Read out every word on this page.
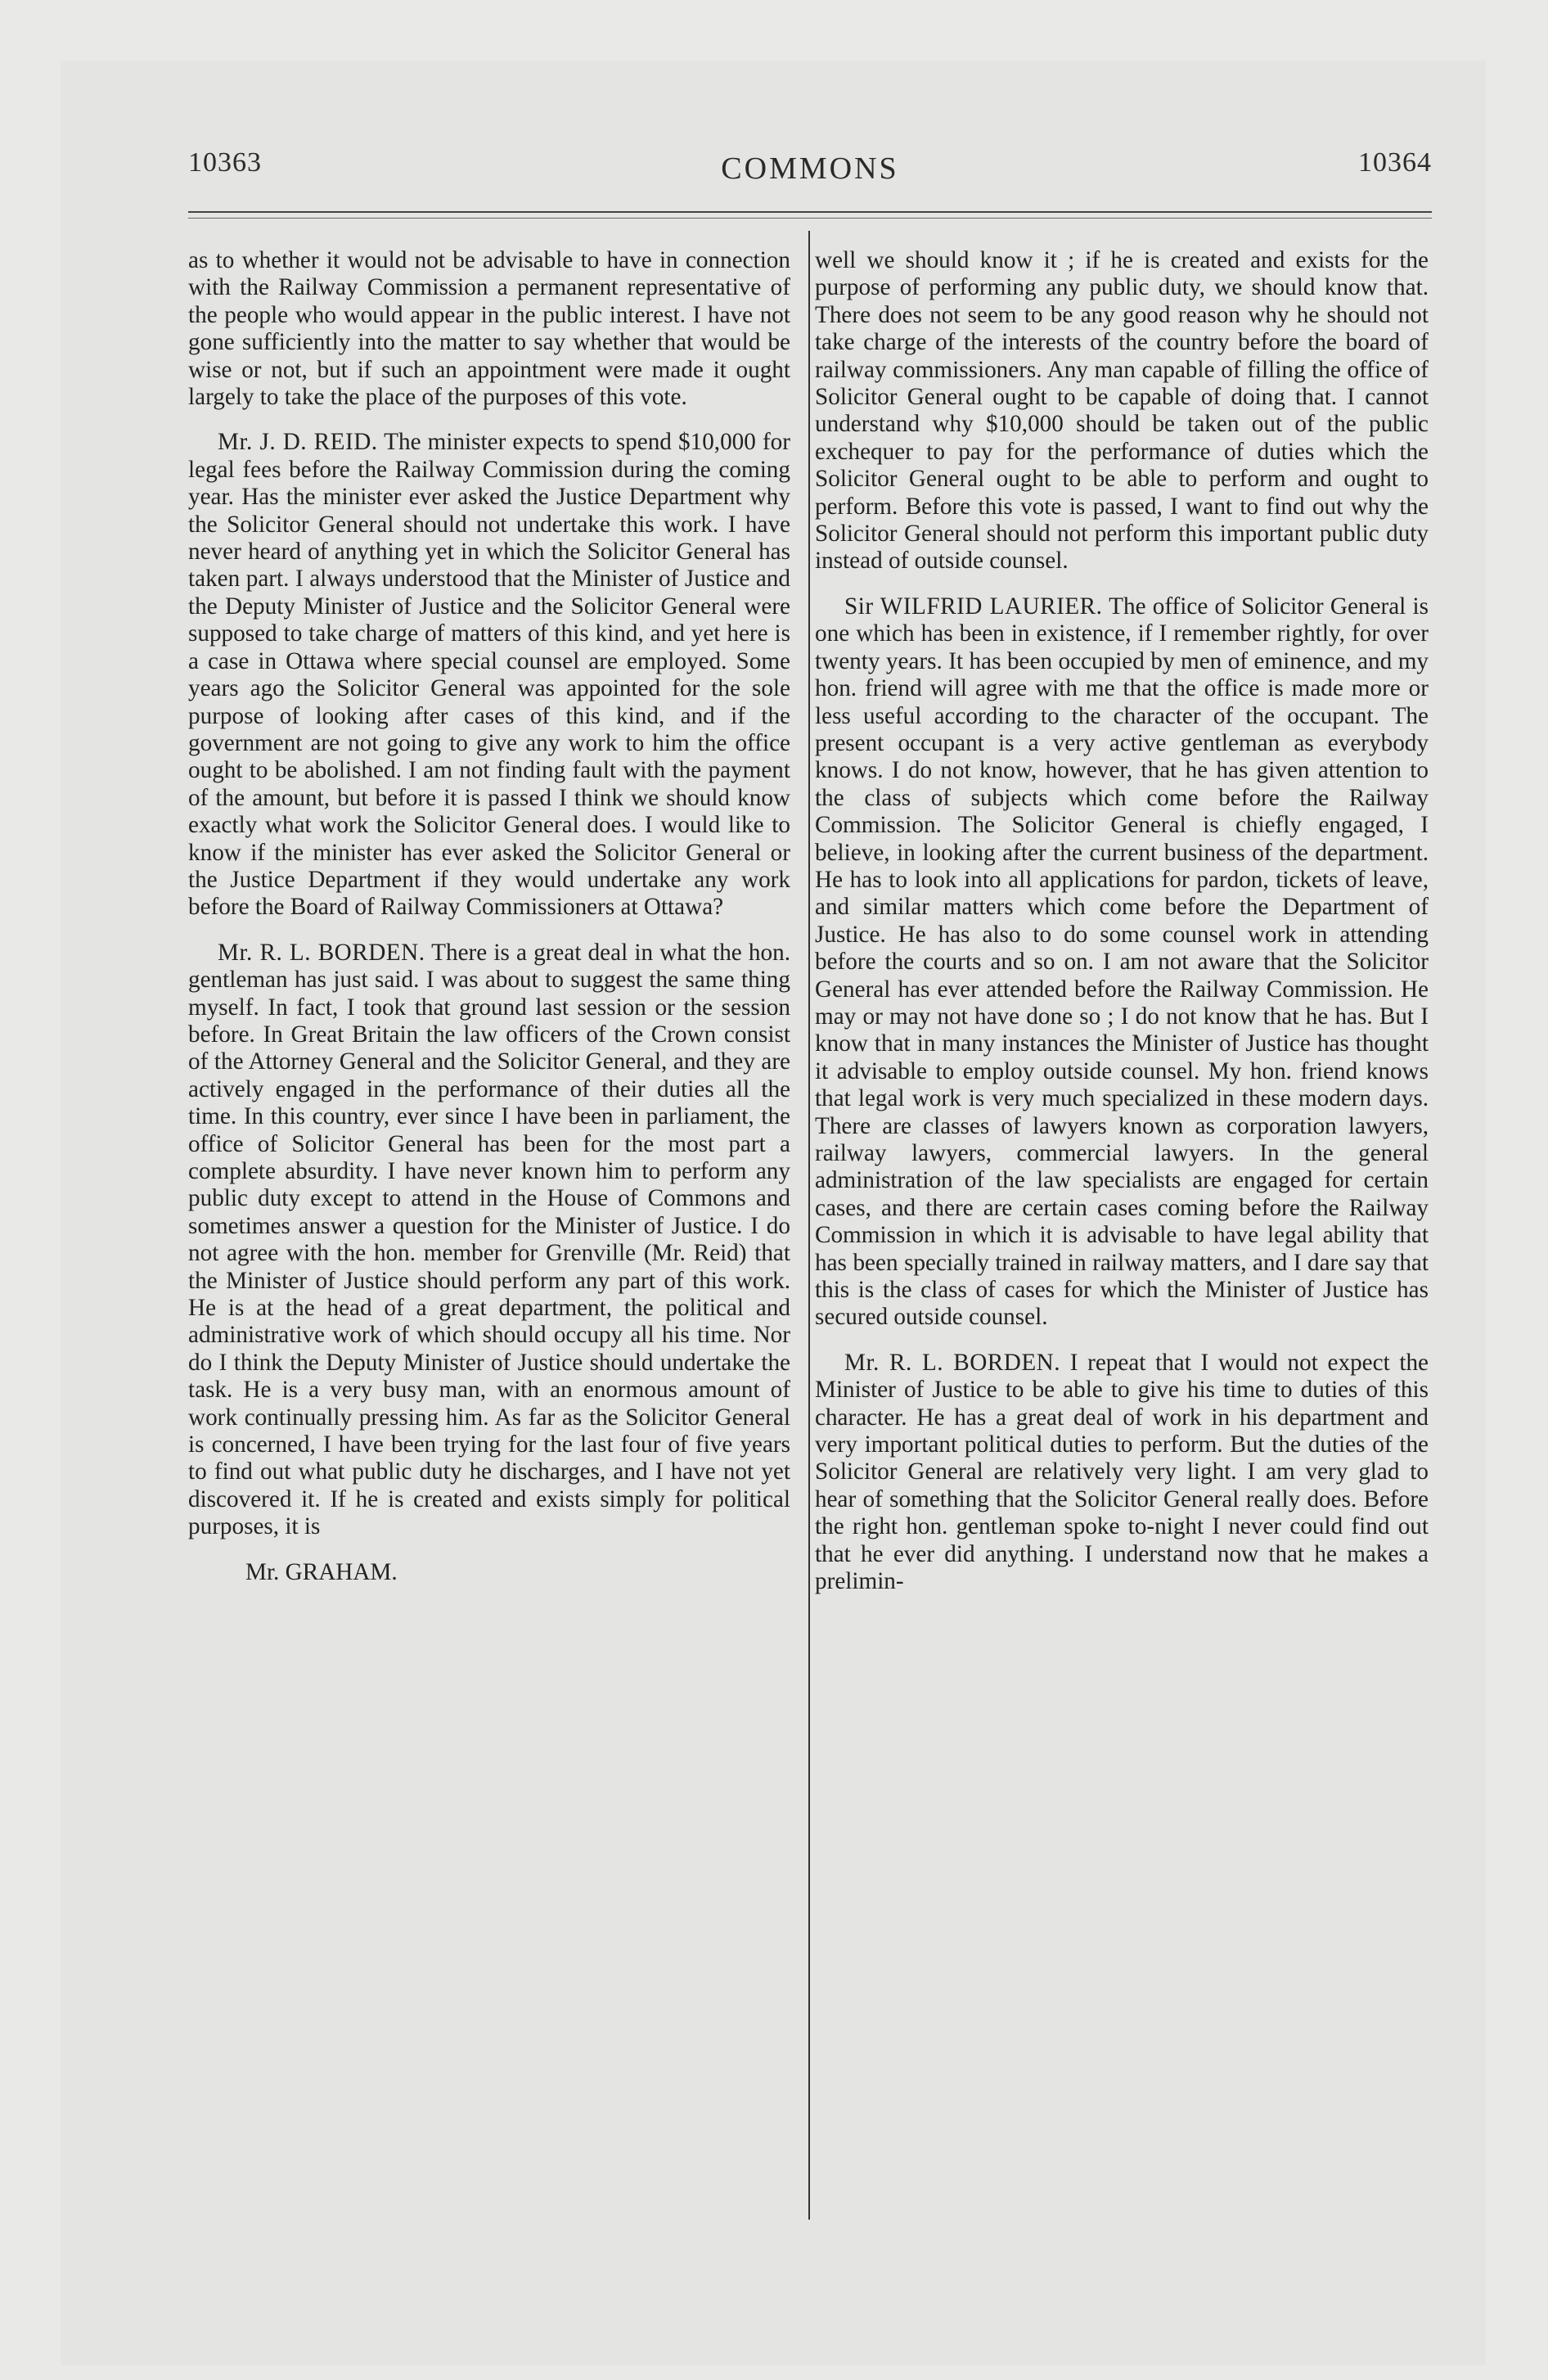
10363	COMMONS	10364

as to whether it would not be advisable to have in connection with the Railway Commission a permanent representative of the people who would appear in the public interest. I have not gone sufficiently into the matter to say whether that would be wise or not, but if such an appointment were made it ought largely to take the place of the purposes of this vote.

Mr. J. D. REID. The minister expects to spend $10,000 for legal fees before the Railway Commission during the coming year. Has the minister ever asked the Justice Department why the Solicitor General should not undertake this work. I have never heard of anything yet in which the Solicitor General has taken part. I always understood that the Minister of Justice and the Deputy Minister of Justice and the Solicitor General were supposed to take charge of matters of this kind, and yet here is a case in Ottawa where special counsel are employed. Some years ago the Solicitor General was appointed for the sole purpose of looking after cases of this kind, and if the government are not going to give any work to him the office ought to be abolished. I am not finding fault with the payment of the amount, but before it is passed I think we should know exactly what work the Solicitor General does. I would like to know if the minister has ever asked the Solicitor General or the Justice Department if they would undertake any work before the Board of Railway Commissioners at Ottawa?

Mr. R. L. BORDEN. There is a great deal in what the hon. gentleman has just said. I was about to suggest the same thing myself. In fact, I took that ground last session or the session before. In Great Britain the law officers of the Crown consist of the Attorney General and the Solicitor General, and they are actively engaged in the performance of their duties all the time. In this country, ever since I have been in parliament, the office of Solicitor General has been for the most part a complete absurdity. I have never known him to perform any public duty except to attend in the House of Commons and sometimes answer a question for the Minister of Justice. I do not agree with the hon. member for Grenville (Mr. Reid) that the Minister of Justice should perform any part of this work. He is at the head of a great department, the political and administrative work of which should occupy all his time. Nor do I think the Deputy Minister of Justice should undertake the task. He is a very busy man, with an enormous amount of work continually pressing him. As far as the Solicitor General is concerned, I have been trying for the last four of five years to find out what public duty he discharges, and I have not yet discovered it. If he is created and exists simply for political purposes, it is

Mr. GRAHAM.

well we should know it ; if he is created and exists for the purpose of performing any public duty, we should know that. There does not seem to be any good reason why he should not take charge of the interests of the country before the board of railway commissioners. Any man capable of filling the office of Solicitor General ought to be capable of doing that. I cannot understand why $10,000 should be taken out of the public exchequer to pay for the performance of duties which the Solicitor General ought to be able to perform and ought to perform. Before this vote is passed, I want to find out why the Solicitor General should not perform this important public duty instead of outside counsel.

Sir WILFRID LAURIER. The office of Solicitor General is one which has been in existence, if I remember rightly, for over twenty years. It has been occupied by men of eminence, and my hon. friend will agree with me that the office is made more or less useful according to the character of the occupant. The present occupant is a very active gentleman as everybody knows. I do not know, however, that he has given attention to the class of subjects which come before the Railway Commission. The Solicitor General is chiefly engaged, I believe, in looking after the current business of the department. He has to look into all applications for pardon, tickets of leave, and similar matters which come before the Department of Justice. He has also to do some counsel work in attending before the courts and so on. I am not aware that the Solicitor General has ever attended before the Railway Commission. He may or may not have done so ; I do not know that he has. But I know that in many instances the Minister of Justice has thought it advisable to employ outside counsel. My hon. friend knows that legal work is very much specialized in these modern days. There are classes of lawyers known as corporation lawyers, railway lawyers, commercial lawyers. In the general administration of the law specialists are engaged for certain cases, and there are certain cases coming before the Railway Commission in which it is advisable to have legal ability that has been specially trained in railway matters, and I dare say that this is the class of cases for which the Minister of Justice has secured outside counsel.

Mr. R. L. BORDEN. I repeat that I would not expect the Minister of Justice to be able to give his time to duties of this character. He has a great deal of work in his department and very important political duties to perform. But the duties of the Solicitor General are relatively very light. I am very glad to hear of something that the Solicitor General really does. Before the right hon. gentleman spoke to-night I never could find out that he ever did anything. I understand now that he makes a prelimin-
